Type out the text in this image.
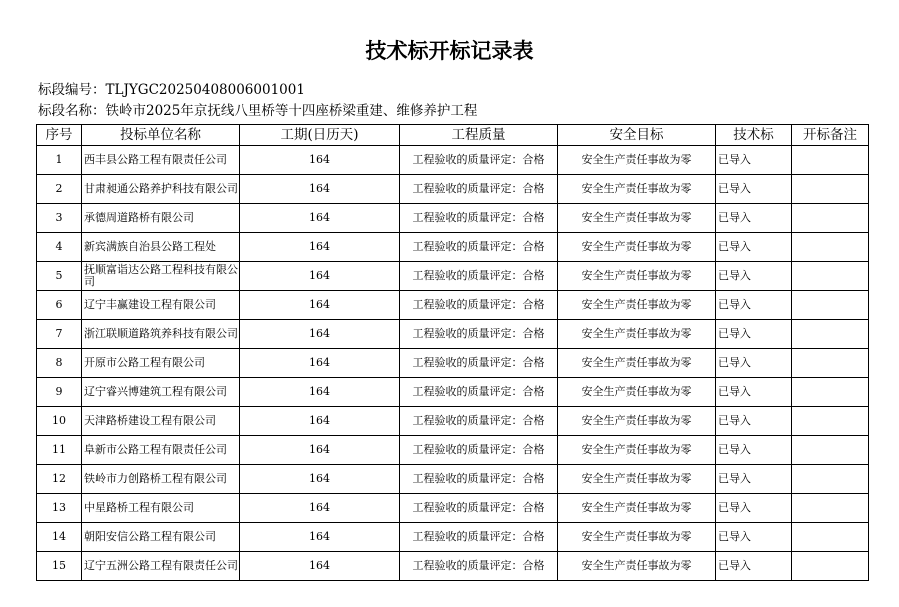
技术标开标记录表
标段编号：TLJYGC20250408006001001
标段名称：铁岭市2025年京抚线八里桥等十四座桥梁重建、维修养护工程
序号	投标单位名称	工期(日历天)	工程质量	安全目标	技术标	开标备注
1	西丰县公路工程有限责任公司	164	工程验收的质量评定：合格	安全生产责任事故为零	已导入	
2	甘肃昶通公路养护科技有限公司	164	工程验收的质量评定：合格	安全生产责任事故为零	已导入	
3	承德周道路桥有限公司	164	工程验收的质量评定：合格	安全生产责任事故为零	已导入	
4	新宾满族自治县公路工程处	164	工程验收的质量评定：合格	安全生产责任事故为零	已导入	
5	抚顺富诣达公路工程科技有限公司	164	工程验收的质量评定：合格	安全生产责任事故为零	已导入	
6	辽宁丰赢建设工程有限公司	164	工程验收的质量评定：合格	安全生产责任事故为零	已导入	
7	浙江联顺道路筑养科技有限公司	164	工程验收的质量评定：合格	安全生产责任事故为零	已导入	
8	开原市公路工程有限公司	164	工程验收的质量评定：合格	安全生产责任事故为零	已导入	
9	辽宁睿兴博建筑工程有限公司	164	工程验收的质量评定：合格	安全生产责任事故为零	已导入	
10	天津路桥建设工程有限公司	164	工程验收的质量评定：合格	安全生产责任事故为零	已导入	
11	阜新市公路工程有限责任公司	164	工程验收的质量评定：合格	安全生产责任事故为零	已导入	
12	铁岭市力创路桥工程有限公司	164	工程验收的质量评定：合格	安全生产责任事故为零	已导入	
13	中星路桥工程有限公司	164	工程验收的质量评定：合格	安全生产责任事故为零	已导入	
14	朝阳安信公路工程有限公司	164	工程验收的质量评定：合格	安全生产责任事故为零	已导入	
15	辽宁五洲公路工程有限责任公司	164	工程验收的质量评定：合格	安全生产责任事故为零	已导入	
